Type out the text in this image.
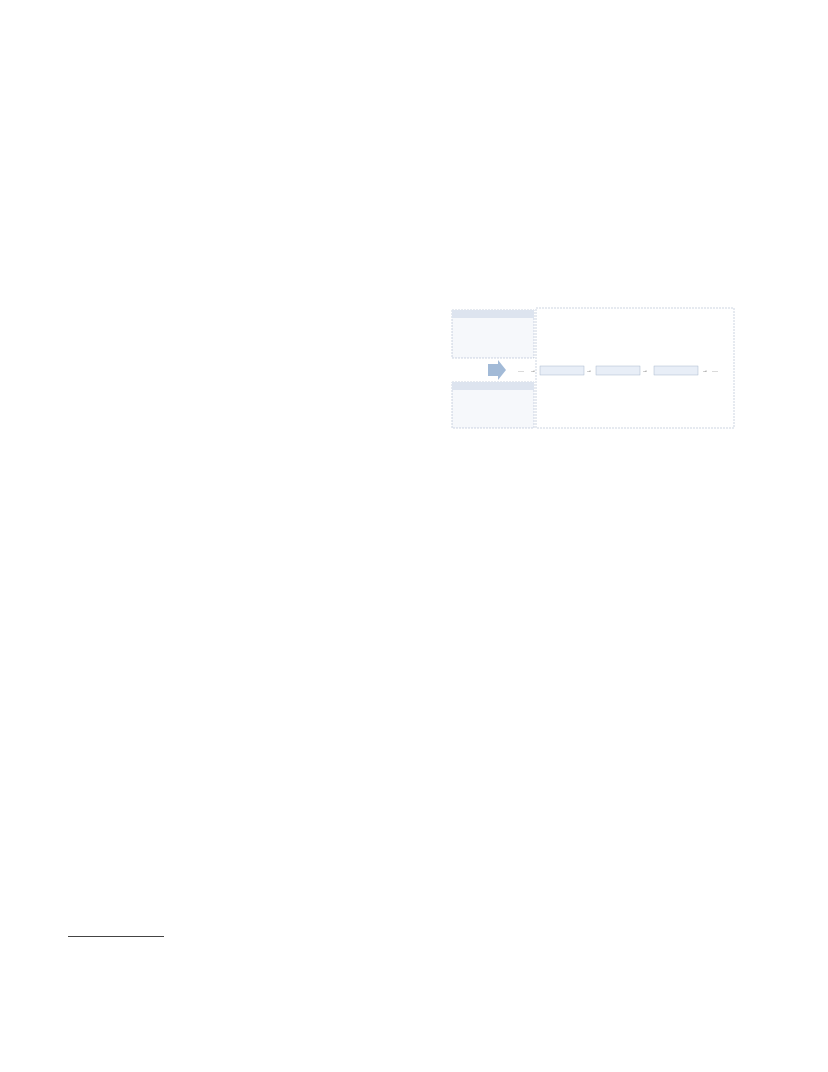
··· →	→	→	→ ···
